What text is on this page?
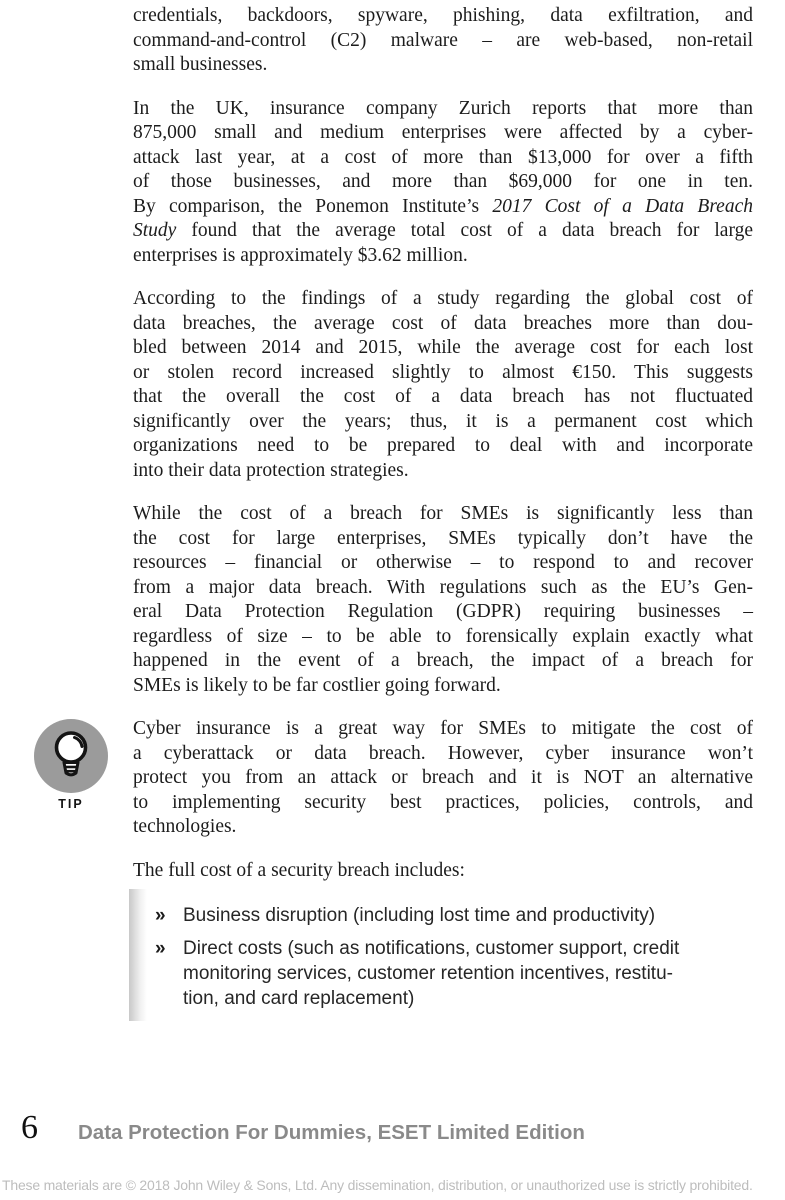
TIP
credentials, backdoors, spyware, phishing, data exfiltration, and
command-and-control (C2) malware – are web-based, non-retail
small businesses.
In the UK, insurance company Zurich reports that more than
875,000 small and medium enterprises were affected by a cyber-
attack last year, at a cost of more than $13,000 for over a fifth
of those businesses, and more than $69,000 for one in ten.
By comparison, the Ponemon Institute’s 2017 Cost of a Data Breach
Study found that the average total cost of a data breach for large
enterprises is approximately $3.62 million.
According to the findings of a study regarding the global cost of
data breaches, the average cost of data breaches more than dou-
bled between 2014 and 2015, while the average cost for each lost
or stolen record increased slightly to almost €150. This suggests
that the overall the cost of a data breach has not fluctuated
significantly over the years; thus, it is a permanent cost which
organizations need to be prepared to deal with and incorporate
into their data protection strategies.
While the cost of a breach for SMEs is significantly less than
the cost for large enterprises, SMEs typically don’t have the
resources – financial or otherwise – to respond to and recover
from a major data breach. With regulations such as the EU’s Gen-
eral Data Protection Regulation (GDPR) requiring businesses –
regardless of size – to be able to forensically explain exactly what
happened in the event of a breach, the impact of a breach for
SMEs is likely to be far costlier going forward.
Cyber insurance is a great way for SMEs to mitigate the cost of
a cyberattack or data breach. However, cyber insurance won’t
protect you from an attack or breach and it is NOT an alternative
to implementing security best practices, policies, controls, and
technologies.
The full cost of a security breach includes:
» Business disruption (including lost time and productivity)
» Direct costs (such as notifications, customer support, credit
monitoring services, customer retention incentives, restitu-
tion, and card replacement)
6 Data Protection For Dummies, ESET Limited Edition
These materials are © 2018 John Wiley & Sons, Ltd. Any dissemination, distribution, or unauthorized use is strictly prohibited.
